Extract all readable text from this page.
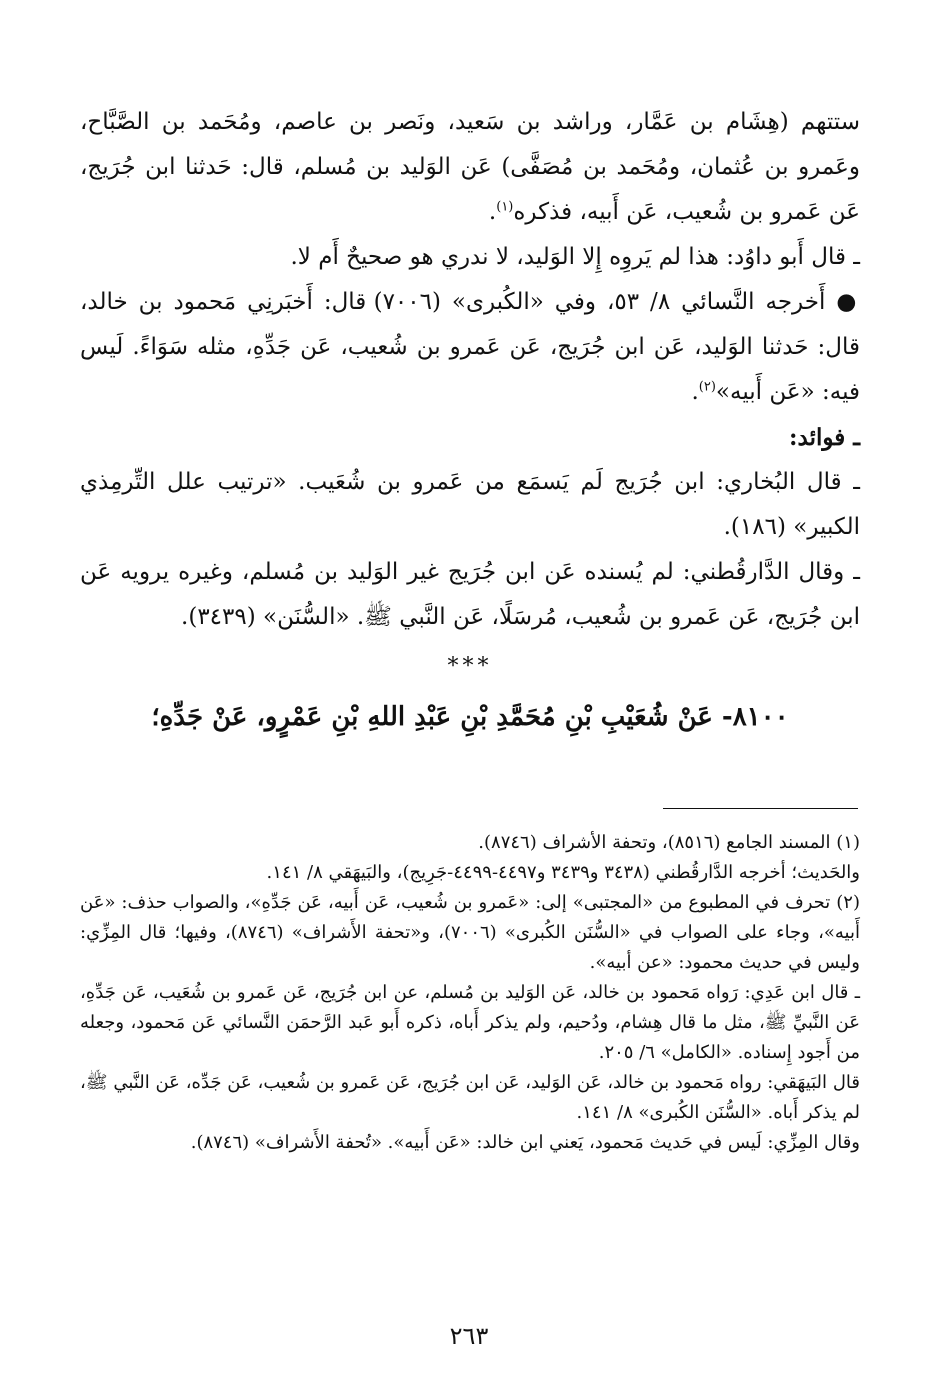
ستتهم (هِشَام بن عَمَّار، وراشد بن سَعيد، ونَصر بن عاصم، ومُحَمد بن الصَّبَّاح، وعَمرو بن عُثمان، ومُحَمد بن مُصَفَّى) عَن الوَليد بن مُسلم، قال: حَدثنا ابن جُرَيج، عَن عَمرو بن شُعيب، عَن أَبيه، فذكره$^{(١)}$.

ـ قال أَبو داوُد: هذا لم يَروِه إِلا الوَليد، لا ندري هو صحيحٌ أَم لا.

● أَخرجه النَّسائي ٨/ ٥٣، وفي «الكُبرى» (٧٠٠٦) قال: أَخبَرنِي مَحمود بن خالد، قال: حَدثنا الوَليد، عَن ابن جُرَيج، عَن عَمرو بن شُعيب، عَن جَدِّهِ، مثله سَوَاءً. لَيس فيه: «عَن أَبيه»$^{(٢)}$.

ـ فوائد:

ـ قال البُخاري: ابن جُرَيج لَم يَسمَع من عَمرو بن شُعَيب. «ترتيب علل التِّرمِذي الكبير» (١٨٦).

ـ وقال الدَّارقُطني: لم يُسنده عَن ابن جُرَيج غير الوَليد بن مُسلم، وغيره يرويه عَن ابن جُرَيج، عَن عَمرو بن شُعيب، مُرسَلًا، عَن النَّبي ﷺ. «السُّنَن» (٣٤٣٩).

***
٨١٠٠- عَنْ شُعَيْبِ بْنِ مُحَمَّدِ بْنِ عَبْدِ اللهِ بْنِ عَمْرٍو، عَنْ جَدِّهِ؛

(١) المسند الجامع (٨٥١٦)، وتحفة الأشراف (٨٧٤٦).

والحَديث؛ أخرجه الدَّارقُطني (٣٤٣٨ و٣٤٣٩ و٤٤٩٧-٤٤٩٩-جَرِيج)، والبَيهَقي ٨/ ١٤١.

(٢) تحرف في المطبوع من «المجتبى» إلى: «عَمرو بن شُعيب، عَن أَبيه، عَن جَدِّهِ»، والصواب حذف: «عَن أَبيه»، وجاء على الصواب في «السُّنَن الكُبرى» (٧٠٠٦)، و«تحفة الأَشراف» (٨٧٤٦)، وفيها؛ قال المِزِّي: وليس في حديث محمود: «عن أبيه».

ـ قال ابن عَدِي: رَواه مَحمود بن خالد، عَن الوَليد بن مُسلم، عن ابن جُرَيج، عَن عَمرو بن شُعَيب، عَن جَدِّهِ، عَن النَّبيِّ ﷺ، مثل ما قال هِشام، ودُحيم، ولم يذكر أَباه، ذكره أَبو عَبد الرَّحمَن النَّسائي عَن مَحمود، وجعله من أَجود إِسناده. «الكامل» ٦/ ٢٠٥.

قال البَيهَقي: رواه مَحمود بن خالد، عَن الوَليد، عَن ابن جُرَيج، عَن عَمرو بن شُعيب، عَن جَدِّه، عَن النَّبي ﷺ، لم يذكر أَباه. «السُّنَن الكُبرى» ٨/ ١٤١.

وقال المِزِّي: لَيس في حَديث مَحمود، يَعني ابن خالد: «عَن أَبيه». «تُحفة الأَشراف» (٨٧٤٦).

٢٦٣
